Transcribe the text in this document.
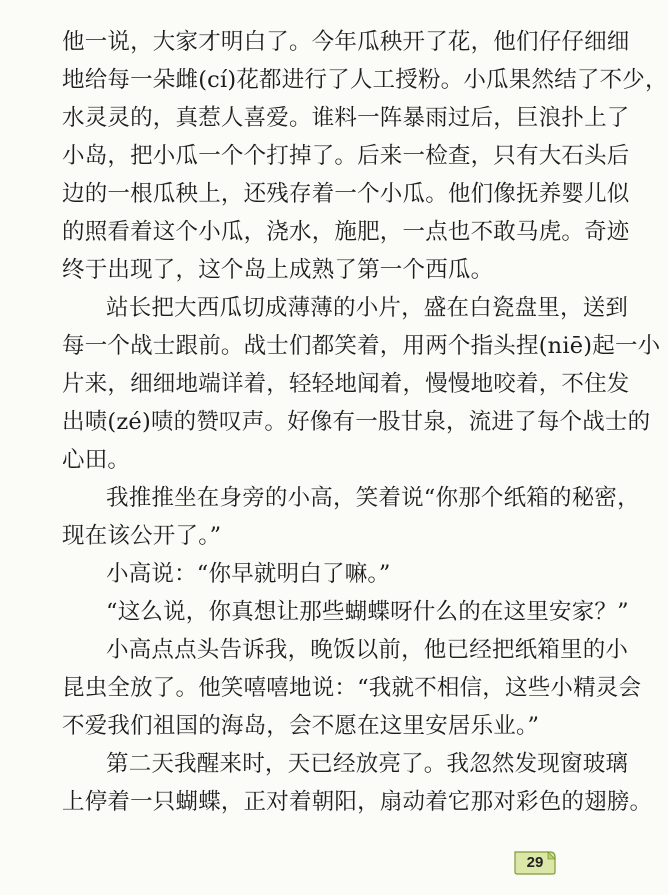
他一说，大家才明白了。今年瓜秧开了花，他们仔仔细细
地给每一朵雌(cí)花都进行了人工授粉。小瓜果然结了不少，
水灵灵的，真惹人喜爱。谁料一阵暴雨过后，巨浪扑上了
小岛，把小瓜一个个打掉了。后来一检查，只有大石头后
边的一根瓜秧上，还残存着一个小瓜。他们像抚养婴儿似
的照看着这个小瓜，浇水，施肥，一点也不敢马虎。奇迹
终于出现了，这个岛上成熟了第一个西瓜。
站长把大西瓜切成薄薄的小片，盛在白瓷盘里，送到
每一个战士跟前。战士们都笑着，用两个指头捏(niē)起一小
片来，细细地端详着，轻轻地闻着，慢慢地咬着，不住发
出啧(zé)啧的赞叹声。好像有一股甘泉，流进了每个战士的
心田。
我推推坐在身旁的小高，笑着说“你那个纸箱的秘密，
现在该公开了。”
小高说：“你早就明白了嘛。”
“这么说，你真想让那些蝴蝶呀什么的在这里安家？”
小高点点头告诉我，晚饭以前，他已经把纸箱里的小
昆虫全放了。他笑嘻嘻地说：“我就不相信，这些小精灵会
不爱我们祖国的海岛，会不愿在这里安居乐业。”
第二天我醒来时，天已经放亮了。我忽然发现窗玻璃
上停着一只蝴蝶，正对着朝阳，扇动着它那对彩色的翅膀。
29
